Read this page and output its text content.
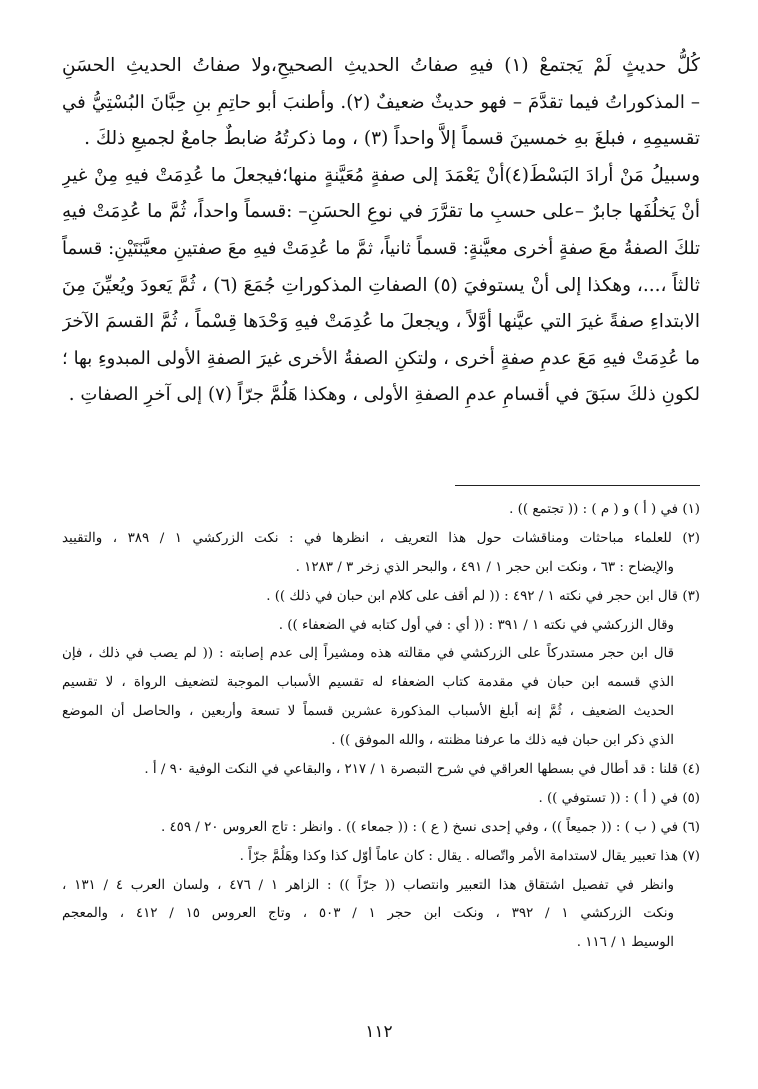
كُلُّ حديثٍ لَمْ يَجتمعْ (١) فيهِ صفاتُ الحديثِ الصحيحِ،ولا صفاتُ الحديثِ الحسَنِ
– المذكوراتُ فيما تقدَّمَ – فهو حديثٌ ضعيفٌ (٢). وأطنبَ أبو حاتِمِ بنِ حِبَّانَ البُسْتِيُّ في
تقسيمِهِ ، فبلغَ بهِ خمسينَ قسماً إلاَّ واحداً (٣) ، وما ذكرتُهُ ضابطٌ جامعٌ لجميعِ ذلكَ .
وسبيلُ مَنْ أرادَ البَسْطَ(٤)أنْ يَعْمَدَ إلى صفةٍ مُعَيَّنةٍ منها؛فيجعلَ ما عُدِمَتْ فيهِ مِنْ غيرِ
أنْ يَخلُفَها جابرٌ –على حسبِ ما تقرَّرَ في نوعِ الحسَنِ– :قسماً واحداً، ثُمَّ ما عُدِمَتْ فيهِ
تلكَ الصفةُ معَ صفةٍ أخرى معيَّنةٍ: قسماً ثانياً، ثمَّ ما عُدِمَتْ فيهِ معَ صفتينِ معيَّنَتَيْنِ: قسماً
ثالثاً ،...، وهكذا إلى أنْ يستوفيَ (٥) الصفاتِ المذكوراتِ جُمَعَ (٦) ، ثُمَّ يَعودَ ويُعيِّنَ مِنَ
الابتداءِ صفةً غيرَ التي عيَّنها أوَّلاً ، ويجعلَ ما عُدِمَتْ فيهِ وَحْدَها قِسْماً ، ثُمَّ القسمَ الآخرَ
ما عُدِمَتْ فيهِ مَعَ عدمِ صفةٍ أخرى ، ولتكنِ الصفةُ الأخرى غيرَ الصفةِ الأولى المبدوءِ بها ؛
لكونِ ذلكَ سبَقَ في أقسامِ عدمِ الصفةِ الأولى ، وهكذا هَلُمَّ جرّاً (٧) إلى آخرِ الصفاتِ .
(١) في ( أ ) و ( م ) : (( تجتمع )) .
(٢) للعلماء مباحثات ومناقشات حول هذا التعريف ، انظرها في : نكت الزركشي ١ / ٣٨٩ ، والتقييد
والإيضاح : ٦٣ ، ونكت ابن حجر ١ / ٤٩١ ، والبحر الذي زخر ٣ / ١٢٨٣ .
(٣) قال ابن حجر في نكته ١ / ٤٩٢ : (( لم أقف على كلام ابن حبان في ذلك )) .
وقال الزركشي في نكته ١ / ٣٩١ : (( أي : في أول كتابه في الضعفاء )) .
قال ابن حجر مستدركاً على الزركشي في مقالته هذه ومشيراً إلى عدم إصابته : (( لم يصب في ذلك ، فإن
الذي قسمه ابن حبان في مقدمة كتاب الضعفاء له تقسيم الأسباب الموجبة لتضعيف الرواة ، لا تقسيم
الحديث الضعيف ، ثُمَّ إنه أبلغ الأسباب المذكورة عشرين قسماً لا تسعة وأربعين ، والحاصل أن الموضع
الذي ذكر ابن حبان فيه ذلك ما عرفنا مظنته ، والله الموفق )) .
(٤) قلنا : قد أطال في بسطها العراقي في شرح التبصرة ١ / ٢١٧ ، والبقاعي في النكت الوفية ٩٠ / أ .
(٥) في ( أ ) : (( تستوفي )) .
(٦) في ( ب ) : (( جميعاً )) ، وفي إحدى نسخ ( ع ) : (( جمعاء )) . وانظر : تاج العروس ٢٠ / ٤٥٩ .
(٧) هذا تعبير يقال لاستدامة الأمر واتّصاله . يقال : كان عاماً أوّل كذا وكذا وهَلُمَّ جرّاً .
وانظر في تفصيل اشتقاق هذا التعبير وانتصاب (( جرّاً )) : الزاهر ١ / ٤٧٦ ، ولسان العرب ٤ / ١٣١ ،
ونكت الزركشي ١ / ٣٩٢ ، ونكت ابن حجر ١ / ٥٠٣ ، وتاج العروس ١٥ / ٤١٢ ، والمعجم
الوسيط ١ / ١١٦ .
١١٢
